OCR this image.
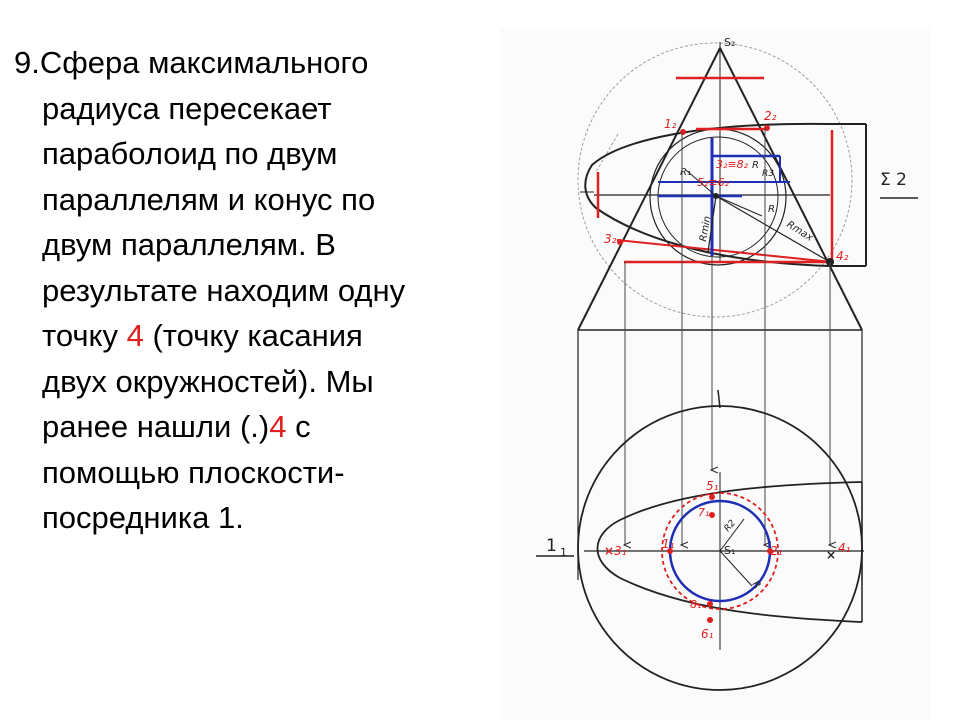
9.Сфера максимального
радиуса пересекает
параболоид по двум
параллелям и конус по
двум параллелям. В
результате находим одну
точку 4 (точку касания
двух окружностей). Мы
ранее нашли (.)4 с
помощью плоскости-
посредника 1.
S₂
1₂
2₂
3₂
4₂
3₂≡8₂
5₂≡6₂
R
R3
R₁
Rmin
R
Rmax
Σ 2
1 1	×	×
S₁
1₁	2₁
3₁	4₁
5₁
7₁
8₁
6₁
R2
R
